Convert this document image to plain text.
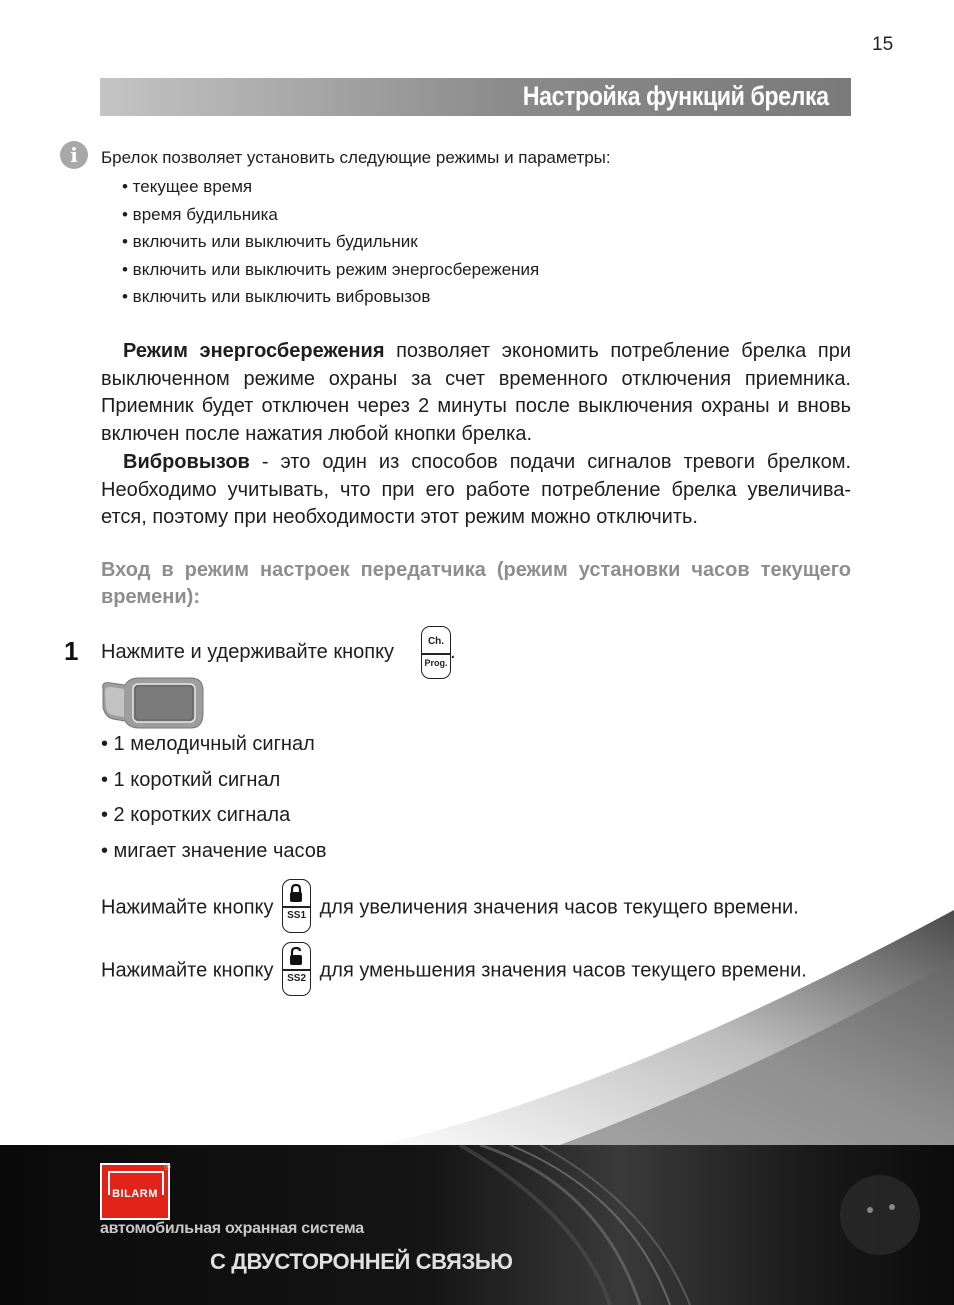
15
Настройка функций брелка
i	Брелок позволяет установить следующие режимы и параметры:
• текущее время
• время будильника
• включить или выключить будильник
• включить или выключить режим энергосбережения
• включить или выключить вибровызов

Режим энергосбережения позволяет экономить потребление брелка при выключенном режиме охраны за счет временного отключения приемника. Приемник будет отключен через 2 минуты после выключения охраны и вновь включен после нажатия любой кнопки брелка.

Вибровызов - это один из способов подачи сигналов тревоги брелком. Необходимо учитывать, что при его работе потребление брелка увеличива-ется, поэтому при необходимости этот режим можно отключить.

Вход в режим настроек передатчика (режим установки часов текущего времени):

1 Нажмите и удерживайте кнопку	Ch.
Prog. .
• 1 мелодичный сигнал
• 1 короткий сигнал
• 2 коротких сигнала
• мигает значение часов
Нажимайте кнопку	SS1 для увеличения значения часов текущего времени.
Нажимайте кнопку	SS2 для уменьшения значения часов текущего времени.
BILARM
®
автомобильная охранная система
С ДВУСТОРОННЕЙ СВЯЗЬЮ
